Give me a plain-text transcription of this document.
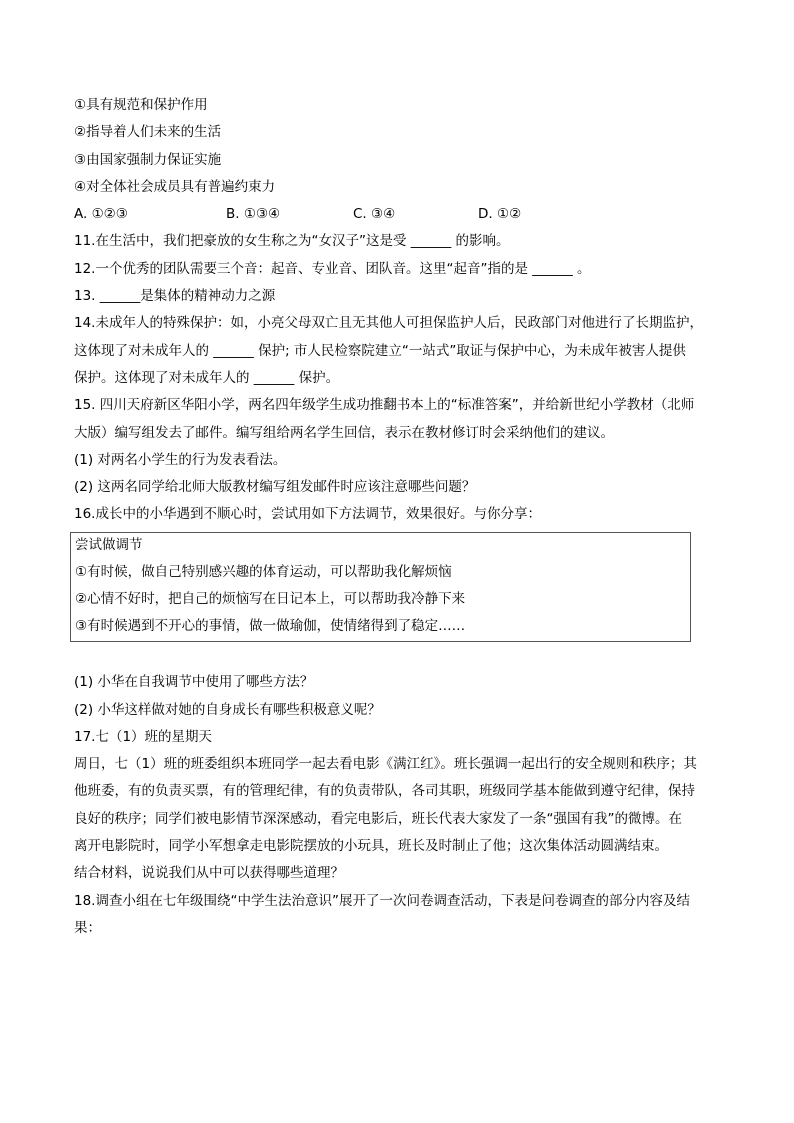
①具有规范和保护作用
②指导着人们未来的生活
③由国家强制力保证实施
④对全体社会成员具有普遍约束力
A. ①②③	B. ①③④	C. ③④	D. ①②
11.在生活中，我们把豪放的女生称之为“女汉子”这是受 ______ 的影响。
12.一个优秀的团队需要三个音：起音、专业音、团队音。这里“起音”指的是 ______ 。
13. ______是集体的精神动力之源
14.未成年人的特殊保护：如，小亮父母双亡且无其他人可担保监护人后，民政部门对他进行了长期监护，
这体现了对未成年人的 ______ 保护; 市人民检察院建立“一站式”取证与保护中心，为未成年被害人提供
保护。这体现了对未成年人的 ______ 保护。
15. 四川天府新区华阳小学，两名四年级学生成功推翻书本上的“标准答案”，并给新世纪小学教材（北师
大版）编写组发去了邮件。编写组给两名学生回信，表示在教材修订时会采纳他们的建议。
(1) 对两名小学生的行为发表看法。
(2) 这两名同学给北师大版教材编写组发邮件时应该注意哪些问题？
16.成长中的小华遇到不顺心时，尝试用如下方法调节，效果很好。与你分享：
尝试做调节
①有时候，做自己特别感兴趣的体育运动，可以帮助我化解烦恼
②心情不好时，把自己的烦恼写在日记本上，可以帮助我冷静下来
③有时候遇到不开心的事情，做一做瑜伽，使情绪得到了稳定……
(1) 小华在自我调节中使用了哪些方法？
(2) 小华这样做对她的自身成长有哪些积极意义呢？
17.七（1）班的星期天
周日，七（1）班的班委组织本班同学一起去看电影《满江红》。班长强调一起出行的安全规则和秩序；其
他班委，有的负责买票，有的管理纪律，有的负责带队，各司其职，班级同学基本能做到遵守纪律，保持
良好的秩序；同学们被电影情节深深感动，看完电影后，班长代表大家发了一条“强国有我”的微博。在
离开电影院时，同学小军想拿走电影院摆放的小玩具，班长及时制止了他；这次集体活动圆满结束。
结合材料，说说我们从中可以获得哪些道理？
18.调查小组在七年级围绕“中学生法治意识”展开了一次问卷调查活动，下表是问卷调查的部分内容及结
果：
